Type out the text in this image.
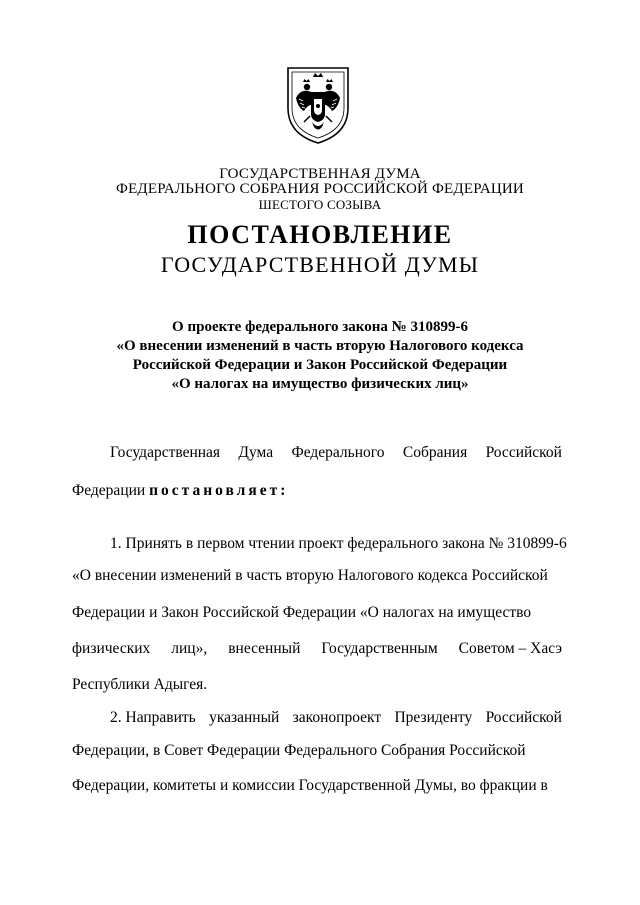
ГОСУДАРСТВЕННАЯ ДУМА
ФЕДЕРАЛЬНОГО СОБРАНИЯ РОССИЙСКОЙ ФЕДЕРАЦИИ
ШЕСТОГО СОЗЫВА
ПОСТАНОВЛЕНИЕ
ГОСУДАРСТВЕННОЙ ДУМЫ
О проекте федерального закона № 310899-6
«О внесении изменений в часть вторую Налогового кодекса
Российской Федерации и Закон Российской Федерации
«О налогах на имущество физических лиц»
Государственная Дума Федерального Собрания Российской
Федерации постановляет:
1. Принять в первом чтении проект федерального закона № 310899-6
«О внесении изменений в часть вторую Налогового кодекса Российской
Федерации и Закон Российской Федерации «О налогах на имущество
физических лиц», внесенный Государственным Советом – Хасэ
Республики Адыгея.
2. Направить указанный законопроект Президенту Российской
Федерации, в Совет Федерации Федерального Собрания Российской
Федерации, комитеты и комиссии Государственной Думы, во фракции в
